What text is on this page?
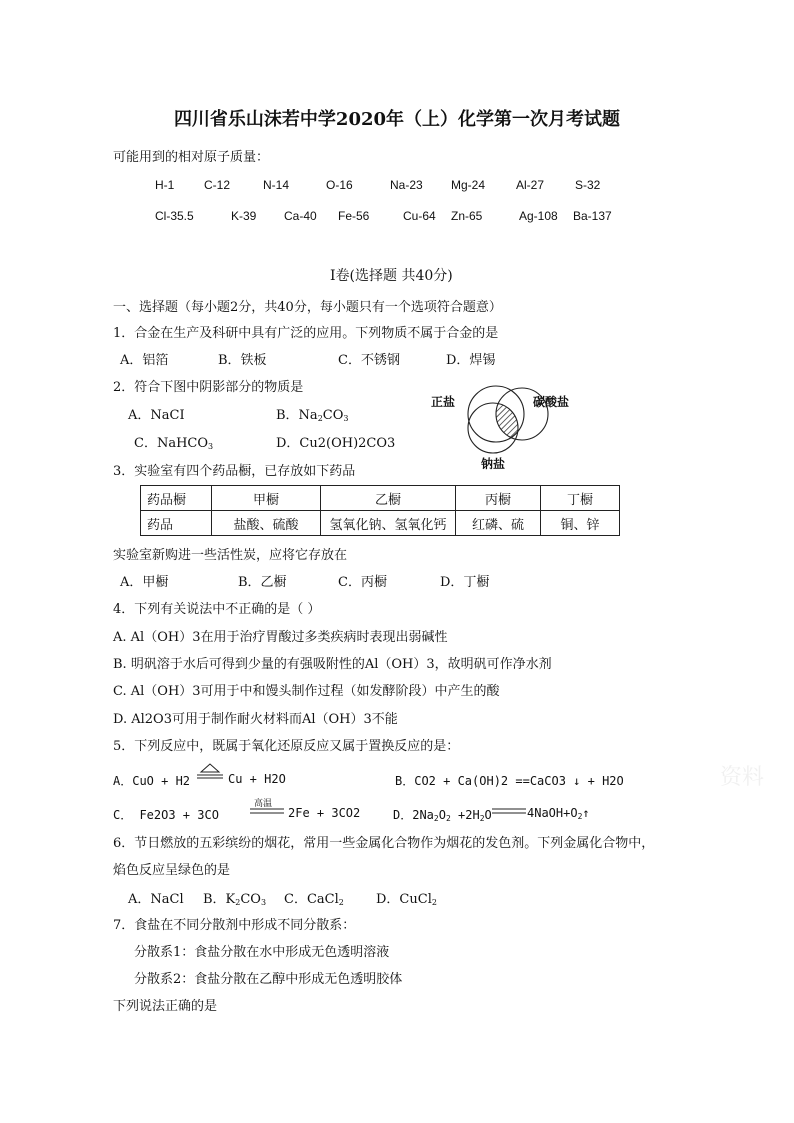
四川省乐山沫若中学2020年（上）化学第一次月考试题
可能用到的相对原子质量：
H-1 C-12	N-14	O-16	Na-23 Mg-24	Al-27	S-32
Cl-35.5	K-39 Ca-40 Fe-56	Cu-64 Zn-65	Ag-108 Ba-137
I卷(选择题 共40分)
一、选择题（每小题2分，共40分，每小题只有一个选项符合题意）
1．合金在生产及科研中具有广泛的应用。下列物质不属于合金的是
A．铝箔	B．铁板	C．不锈钢	D．焊锡
2．符合下图中阴影部分的物质是
A．NaCI	B．$Na_2CO_3$
C．NaHCO$_3$	D．Cu2(OH)2CO3
正盐	碳酸盐
钠盐
3．实验室有四个药品橱，已存放如下药品
药品橱	甲橱	乙橱	丙橱	丁橱
药品	盐酸、硫酸	氢氧化钠、氢氧化钙	红磷、硫	铜、锌
实验室新购进一些活性炭，应将它存放在
A．甲橱	B．乙橱	C．丙橱	D．丁橱
4．下列有关说法中不正确的是（ ）
A. Al（OH）3在用于治疗胃酸过多类疾病时表现出弱碱性
B. 明矾溶于水后可得到少量的有强吸附性的Al（OH）3，故明矾可作净水剂
C. Al（OH）3可用于中和馒头制作过程（如发酵阶段）中产生的酸
D. Al2O3可用于制作耐火材料而Al（OH）3不能
5．下列反应中，既属于氧化还原反应又属于置换反应的是：
A．CuO + H2	Cu + H2O	B．CO2 + Ca(OH)2 ==CaCO3 ↓ + H2O
C． Fe2O3 + 3CO
高温
2Fe + 3CO2	D．$2Na_2O_2 +2H_2O$	$4NaOH+O_2↑$
资料
6．节日燃放的五彩缤纷的烟花，常用一些金属化合物作为烟花的发色剂。下列金属化合物中，
焰色反应呈绿色的是
A．NaCl B．$K_2CO_3$ C．CaCl$_2$ D．CuCl$_2$
7．食盐在不同分散剂中形成不同分散系：
分散系1：食盐分散在水中形成无色透明溶液
分散系2：食盐分散在乙醇中形成无色透明胶体
下列说法正确的是
